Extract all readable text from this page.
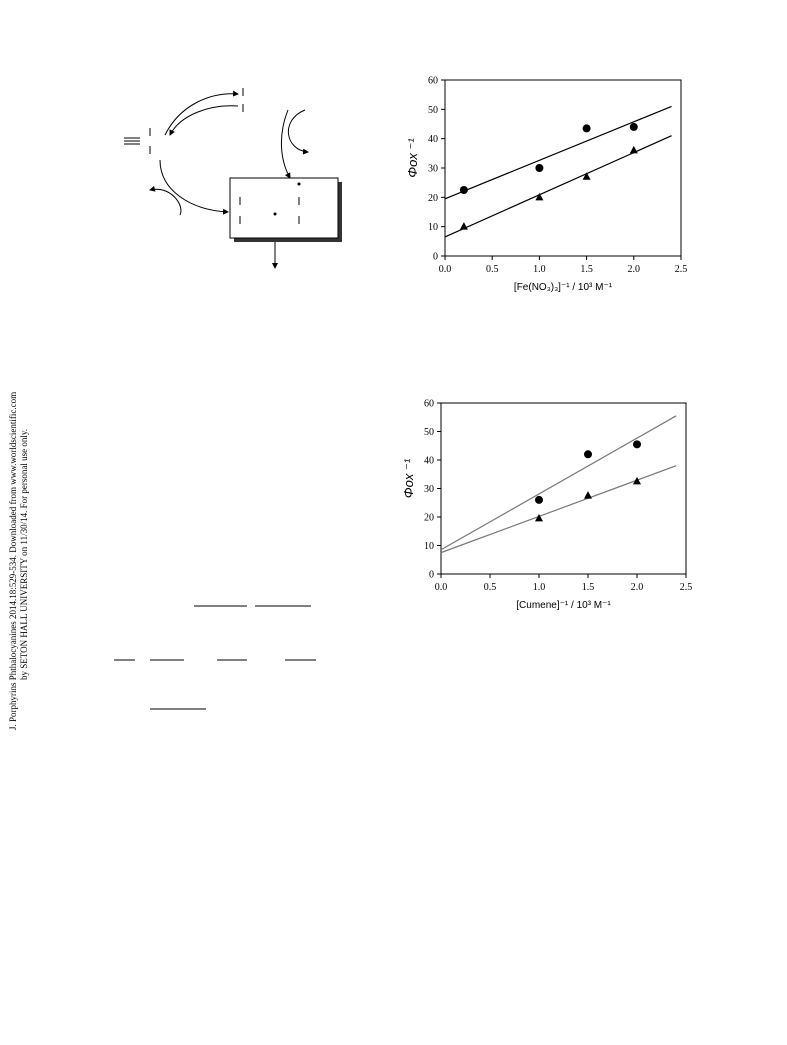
J. Porphyrins Phthalocyanines 2014.18:529-534. Downloaded from www.worldscientific.com by SETON HALL UNIVERSITY on 11/30/14. For personal use only.
0.0	0.5	1.0	1.5	2.0	2.5
0
10
20
30
40
50
60
[Fe(NO₃)₃]⁻¹ / 10³ M⁻¹
Φox ⁻¹
0.0	0.5	1.0	1.5	2.0	2.5
0
10
20
30
40
50
60
[Cumene]⁻¹ / 10³ M⁻¹
Φox ⁻¹
